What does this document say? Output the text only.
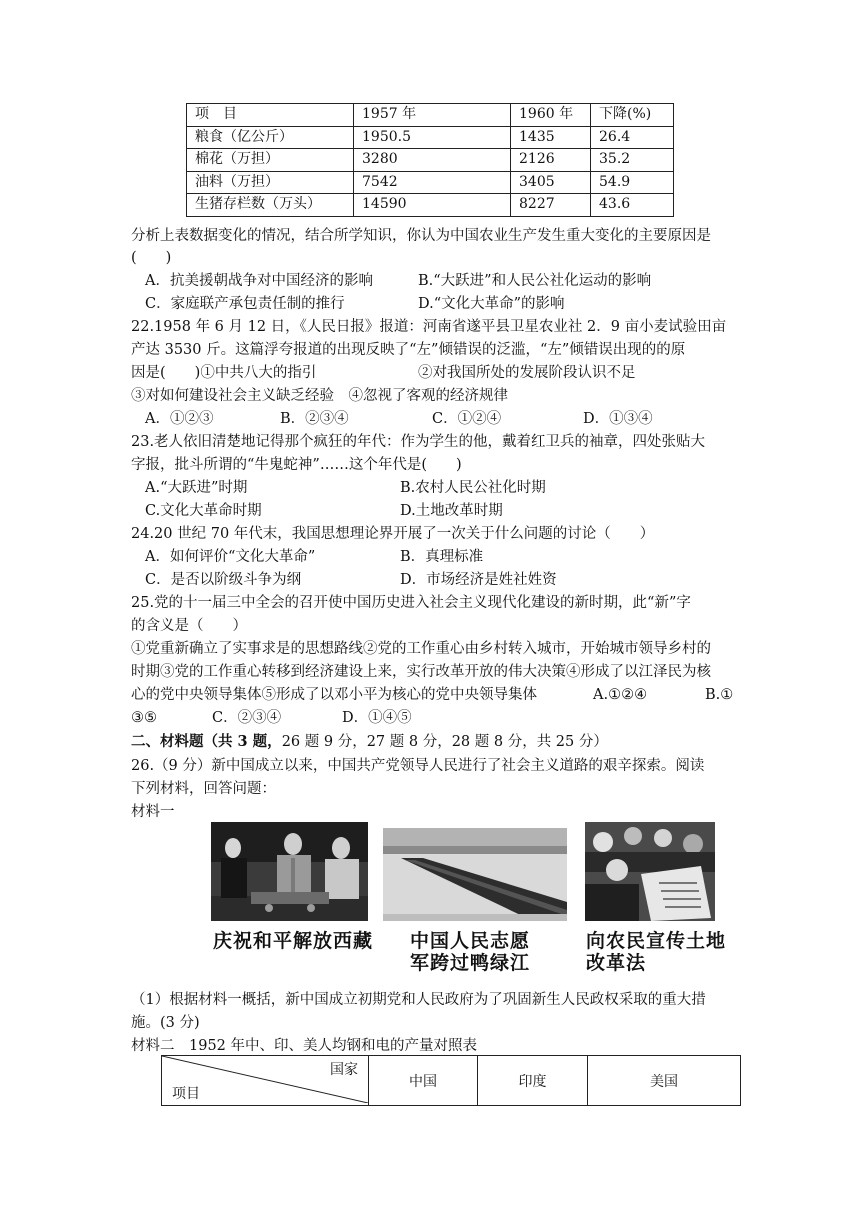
项　目	1957 年	1960 年	下降(%)
粮食（亿公斤）	1950.5	1435	26.4
棉花（万担）	3280	2126	35.2
油料（万担）	7542	3405	54.9
生猪存栏数（万头）	14590	8227	43.6
分析上表数据变化的情况，结合所学知识，你认为中国农业生产发生重大变化的主要原因是
(　　)
A．抗美援朝战争对中国经济的影响	B.“大跃进”和人民公社化运动的影响
C．家庭联产承包责任制的推行	D.“文化大革命”的影响
22.1958 年 6 月 12 日，《人民日报》报道：河南省遂平县卫星农业社 2．9 亩小麦试验田亩
产达 3530 斤。这篇浮夸报道的出现反映了“左”倾错误的泛滥，“左”倾错误出现的的原
因是(　　)①中共八大的指引	②对我国所处的发展阶段认识不足
③对如何建设社会主义缺乏经验　④忽视了客观的经济规律
A．①②③	B．②③④	C．①②④	D．①③④
23.老人依旧清楚地记得那个疯狂的年代：作为学生的他，戴着红卫兵的袖章，四处张贴大
字报，批斗所谓的“牛鬼蛇神”……这个年代是(　　)
A.“大跃进”时期	B.农村人民公社化时期
C.文化大革命时期	D.土地改革时期
24.20 世纪 70 年代末，我国思想理论界开展了一次关于什么问题的讨论（　　）
A．如何评价“文化大革命”	B．真理标准
C．是否以阶级斗争为纲	D．市场经济是姓社姓资
25.党的十一届三中全会的召开使中国历史进入社会主义现代化建设的新时期，此“新”字
的含义是（　　）
①党重新确立了实事求是的思想路线②党的工作重心由乡村转入城市，开始城市领导乡村的
时期③党的工作重心转移到经济建设上来，实行改革开放的伟大决策④形成了以江泽民为核
心的党中央领导集体⑤形成了以邓小平为核心的党中央领导集体	A.①②④	B.①
③⑤	C．②③④	D．①④⑤
二、材料题（共 3 题，26 题 9 分，27 题 8 分，28 题 8 分，共 25 分）
26.（9 分）新中国成立以来，中国共产党领导人民进行了社会主义道路的艰辛探索。阅读
下列材料，回答问题：
材料一
庆祝和平解放西藏 中国人民志愿
军跨过鸭绿江
向农民宣传土地
改革法
（1）根据材料一概括，新中国成立初期党和人民政府为了巩固新生人民政权采取的重大措
施。(3 分)
材料二　1952 年中、印、美人均钢和电的产量对照表
国家
项目
	中国	印度	美国
